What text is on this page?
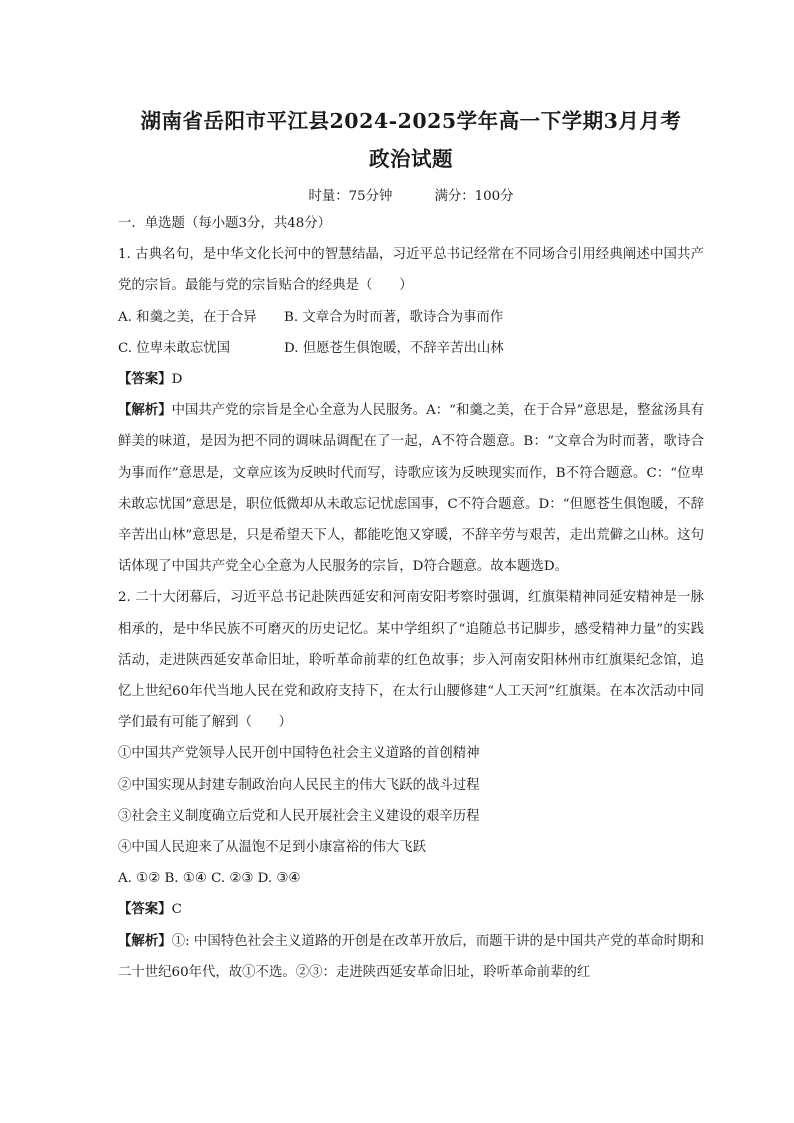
湖南省岳阳市平江县2024-2025学年高一下学期3月月考
政治试题
时量：75分钟	满分：100分
一．单选题（每小题3分，共48分）
1. 古典名句，是中华文化长河中的智慧结晶，习近平总书记经常在不同场合引用经典阐述中国共产党的宗旨。最能与党的宗旨贴合的经典是（　　）
A. 和羹之美，在于合异	B. 文章合为时而著，歌诗合为事而作
C. 位卑未敢忘忧国	D. 但愿苍生俱饱暖，不辞辛苦出山林
【答案】D
【解析】中国共产党的宗旨是全心全意为人民服务。A：“和羹之美，在于合异”意思是，整盆汤具有鲜美的味道，是因为把不同的调味品调配在了一起，A不符合题意。B：“文章合为时而著，歌诗合为事而作”意思是，文章应该为反映时代而写，诗歌应该为反映现实而作，B不符合题意。C：“位卑未敢忘忧国”意思是，职位低微却从未敢忘记忧虑国事，C不符合题意。D：“但愿苍生俱饱暖，不辞辛苦出山林”意思是，只是希望天下人，都能吃饱又穿暖，不辞辛劳与艰苦，走出荒僻之山林。这句话体现了中国共产党全心全意为人民服务的宗旨，D符合题意。故本题选D。
2. 二十大闭幕后，习近平总书记赴陕西延安和河南安阳考察时强调，红旗渠精神同延安精神是一脉相承的，是中华民族不可磨灭的历史记忆。某中学组织了“追随总书记脚步，感受精神力量”的实践活动，走进陕西延安革命旧址，聆听革命前辈的红色故事；步入河南安阳林州市红旗渠纪念馆，追忆上世纪60年代当地人民在党和政府支持下，在太行山腰修建“人工天河”红旗渠。在本次活动中同学们最有可能了解到（　　）
①中国共产党领导人民开创中国特色社会主义道路的首创精神
②中国实现从封建专制政治向人民民主的伟大飞跃的战斗过程
③社会主义制度确立后党和人民开展社会主义建设的艰辛历程
④中国人民迎来了从温饱不足到小康富裕的伟大飞跃
A. ①② B. ①④ C. ②③ D. ③④
【答案】C
【解析】①: 中国特色社会主义道路的开创是在改革开放后，而题干讲的是中国共产党的革命时期和二十世纪60年代，故①不选。②③：走进陕西延安革命旧址，聆听革命前辈的红
